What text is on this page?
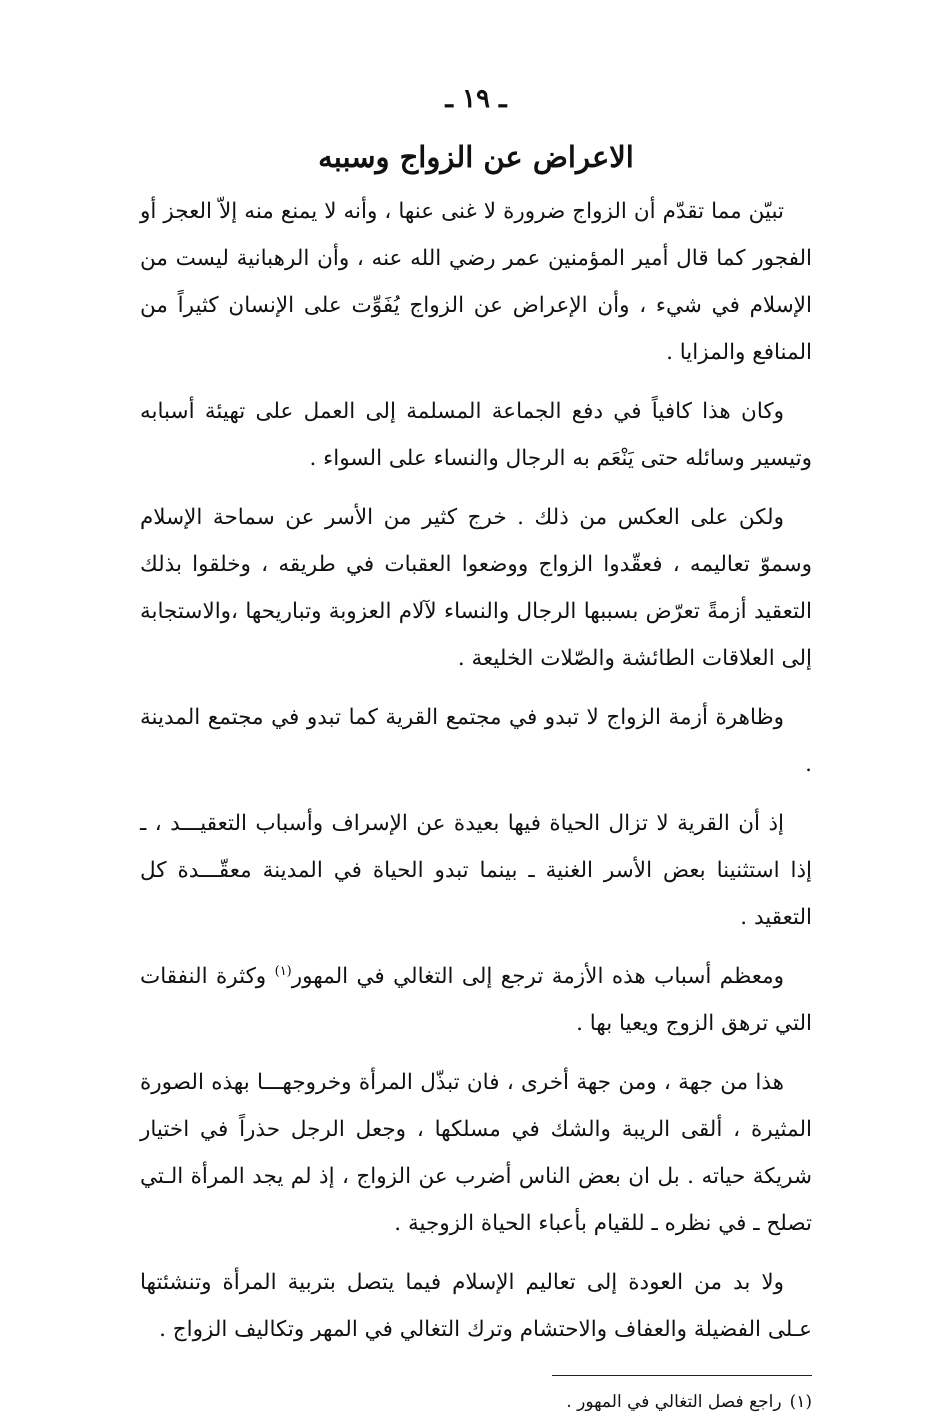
ـ ١٩ ـ
الاعراض عن الزواج وسببه

تبيّن مما تقدّم أن الزواج ضرورة لا غنى عنها ، وأنه لا يمنع منه إلاّ العجز أو الفجور كما قال أمير المؤمنين عمر رضي الله عنه ، وأن الرهبانية ليست من الإسلام في شيء ، وأن الإعراض عن الزواج يُفَوِّت على الإنسان كثيراً من المنافع والمزايا .

وكان هذا كافياً في دفع الجماعة المسلمة إلى العمل على تهيئة أسبابه وتيسير وسائله حتى يَنْعَم به الرجال والنساء على السواء .

ولكن على العكس من ذلك . خرج كثير من الأسر عن سماحة الإسلام وسموّ تعاليمه ، فعقّدوا الزواج ووضعوا العقبات في طريقه ، وخلقوا بذلك التعقيد أزمةً تعرّض بسببها الرجال والنساء لآلام العزوبة وتباريحها ،والاستجابة إلى العلاقات الطائشة والصّلات الخليعة .

وظاهرة أزمة الزواج لا تبدو في مجتمع القرية كما تبدو في مجتمع المدينة .

إذ أن القرية لا تزال الحياة فيها بعيدة عن الإسراف وأسباب التعقيـــد ، ـ إذا استثنينا بعض الأسر الغنية ـ بينما تبدو الحياة في المدينة معقّـــدة كل التعقيد .

ومعظم أسباب هذه الأزمة ترجع إلى التغالي في المهور$^{(١)}$ وكثرة النفقات التي ترهق الزوج ويعيا بها .

هذا من جهة ، ومن جهة أخرى ، فان تبذّل المرأة وخروجهـــا بهذه الصورة المثيرة ، ألقى الريبة والشك في مسلكها ، وجعل الرجل حذراً في اختيار شريكة حياته . بل ان بعض الناس أضرب عن الزواج ، إذ لم يجد المرأة الـتي تصلح ـ في نظره ـ للقيام بأعباء الحياة الزوجية .

ولا بد من العودة إلى تعاليم الإسلام فيما يتصل بتربية المرأة وتنشئتها عـلى الفضيلة والعفاف والاحتشام وترك التغالي في المهر وتكاليف الزواج .

(١)راجع فصل التغالي في المهور .
